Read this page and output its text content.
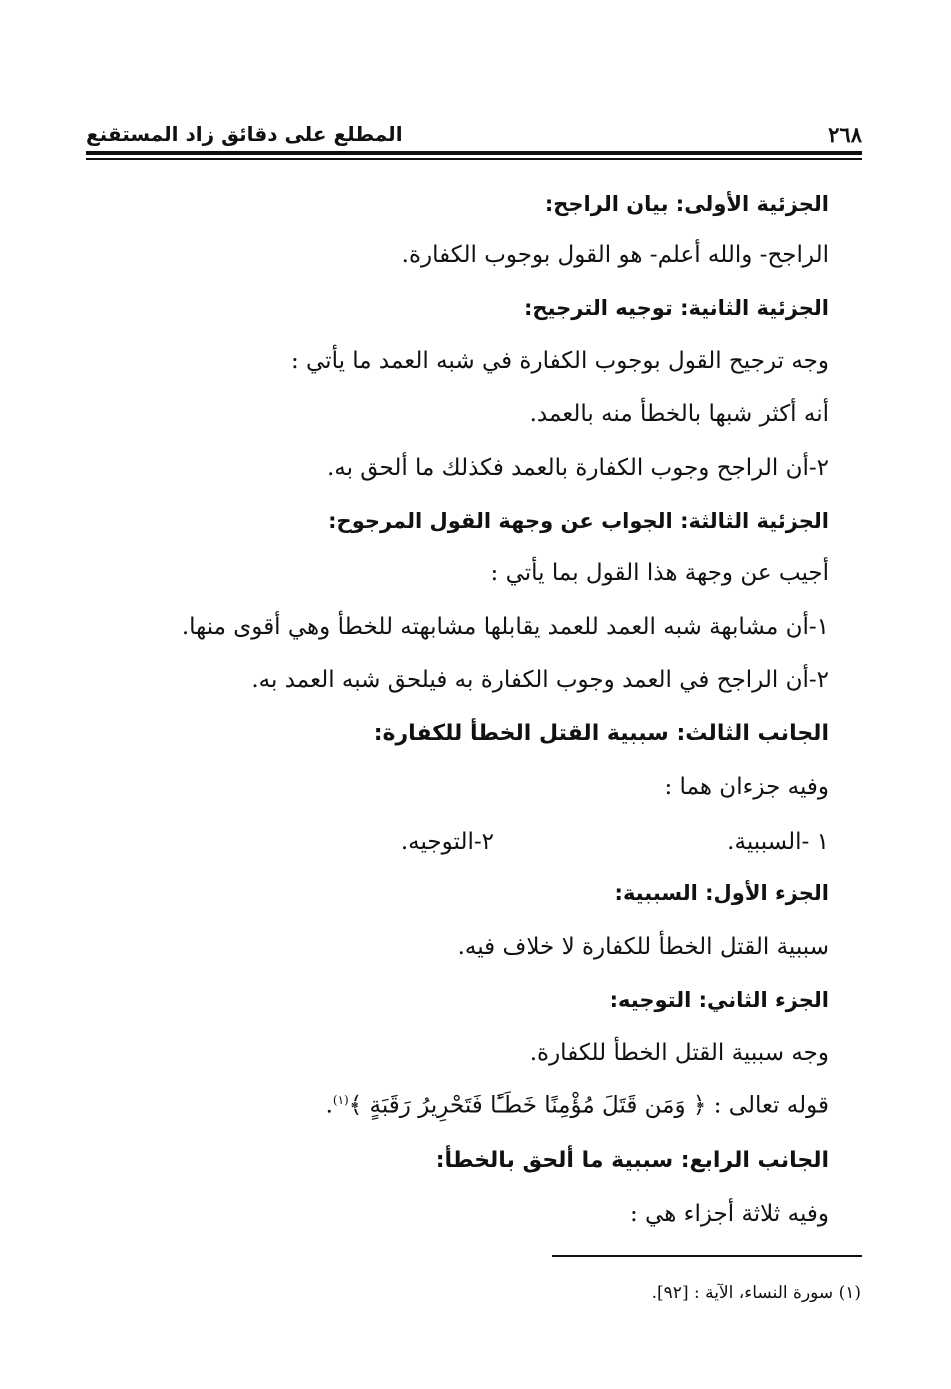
٢٦٨
المطلع على دقائق زاد المستقنع
الجزئية الأولى: بيان الراجح:
الراجح- والله أعلم- هو القول بوجوب الكفارة.
الجزئية الثانية: توجيه الترجيح:
وجه ترجيح القول بوجوب الكفارة في شبه العمد ما يأتي :
أنه أكثر شبها بالخطأ منه بالعمد.
٢-أن الراجح وجوب الكفارة بالعمد فكذلك ما ألحق به.
الجزئية الثالثة: الجواب عن وجهة القول المرجوح:
أجيب عن وجهة هذا القول بما يأتي :
١-أن مشابهة شبه العمد للعمد يقابلها مشابهته للخطأ وهي أقوى منها.
٢-أن الراجح في العمد وجوب الكفارة به فيلحق شبه العمد به.
الجانب الثالث: سببية القتل الخطأ للكفارة:
وفيه جزءان هما :
١ -السببية.
٢-التوجيه.
الجزء الأول: السببية:
سببية القتل الخطأ للكفارة لا خلاف فيه.
الجزء الثاني: التوجيه:
وجه سببية القتل الخطأ للكفارة.
قوله تعالى : ﴿ وَمَن قَتَلَ مُؤْمِنًا خَطَـًٔا فَتَحْرِيرُ رَقَبَةٍ ﴾$^{(١)}$.
الجانب الرابع: سببية ما ألحق بالخطأ:
وفيه ثلاثة أجزاء هي :
(١) سورة النساء، الآية : [٩٢].
